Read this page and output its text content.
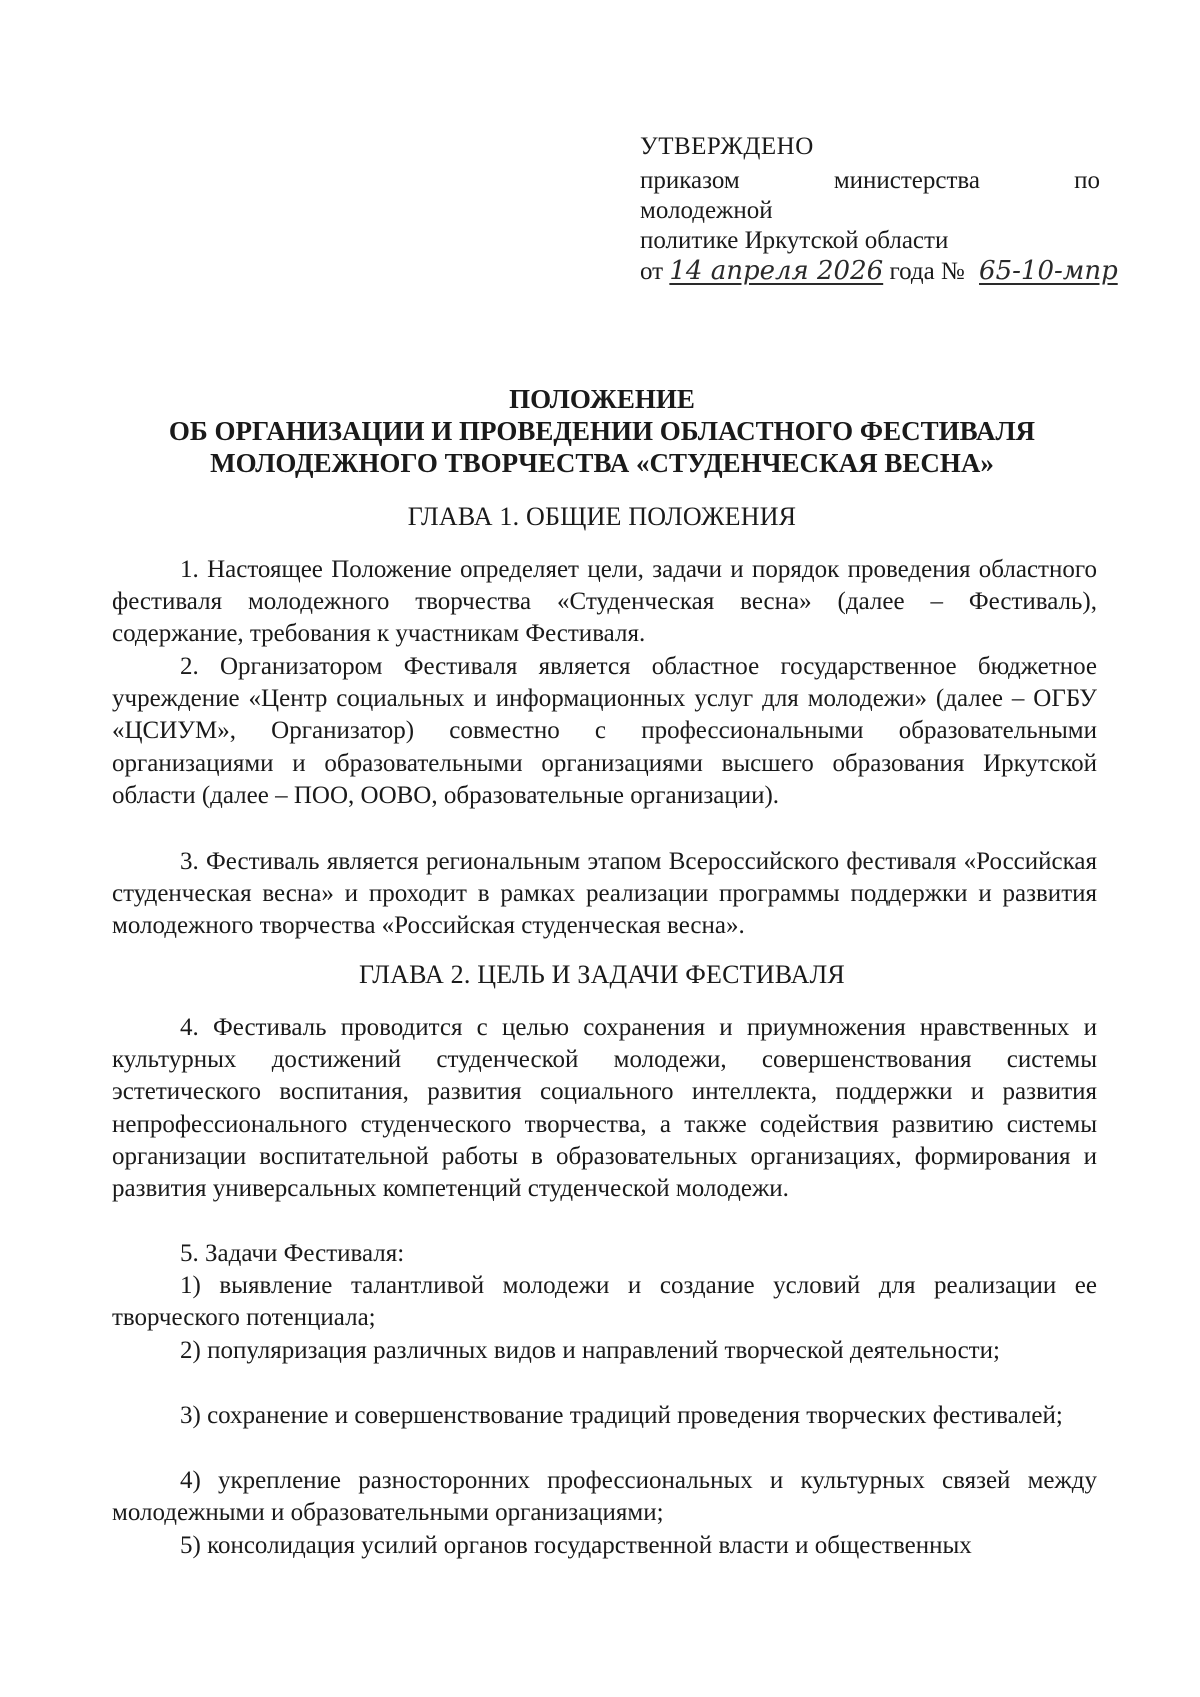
УТВЕРЖДЕНО
приказом	министерства	по
молодежной
политике Иркутской области
от 14 апреля 2026 года № 65-10-мпр
ПОЛОЖЕНИЕ
ОБ ОРГАНИЗАЦИИ И ПРОВЕДЕНИИ ОБЛАСТНОГО ФЕСТИВАЛЯ
МОЛОДЕЖНОГО ТВОРЧЕСТВА «СТУДЕНЧЕСКАЯ ВЕСНА»
ГЛАВА 1. ОБЩИЕ ПОЛОЖЕНИЯ
1. Настоящее Положение определяет цели, задачи и порядок проведения областного фестиваля молодежного творчества «Студенческая весна» (далее – Фестиваль), содержание, требования к участникам Фестиваля.
2. Организатором Фестиваля является областное государственное бюджетное учреждение «Центр социальных и информационных услуг для молодежи» (далее – ОГБУ «ЦСИУМ», Организатор) совместно с профессиональными образовательными организациями и образовательными организациями высшего образования Иркутской области (далее – ПОО, ООВО, образовательные организации).
3. Фестиваль является региональным этапом Всероссийского фестиваля «Российская студенческая весна» и проходит в рамках реализации программы поддержки и развития молодежного творчества «Российская студенческая весна».
ГЛАВА 2. ЦЕЛЬ И ЗАДАЧИ ФЕСТИВАЛЯ
4. Фестиваль проводится с целью сохранения и приумножения нравственных и культурных достижений студенческой молодежи, совершенствования системы эстетического воспитания, развития социального интеллекта, поддержки и развития непрофессионального студенческого творчества, а также содействия развитию системы организации воспитательной работы в образовательных организациях, формирования и развития универсальных компетенций студенческой молодежи.
5. Задачи Фестиваля:
1) выявление талантливой молодежи и создание условий для реализации ее творческого потенциала;
2) популяризация различных видов и направлений творческой деятельности;
3) сохранение и совершенствование традиций проведения творческих фестивалей;
4) укрепление разносторонних профессиональных и культурных связей между молодежными и образовательными организациями;
5) консолидация усилий органов государственной власти и общественных
